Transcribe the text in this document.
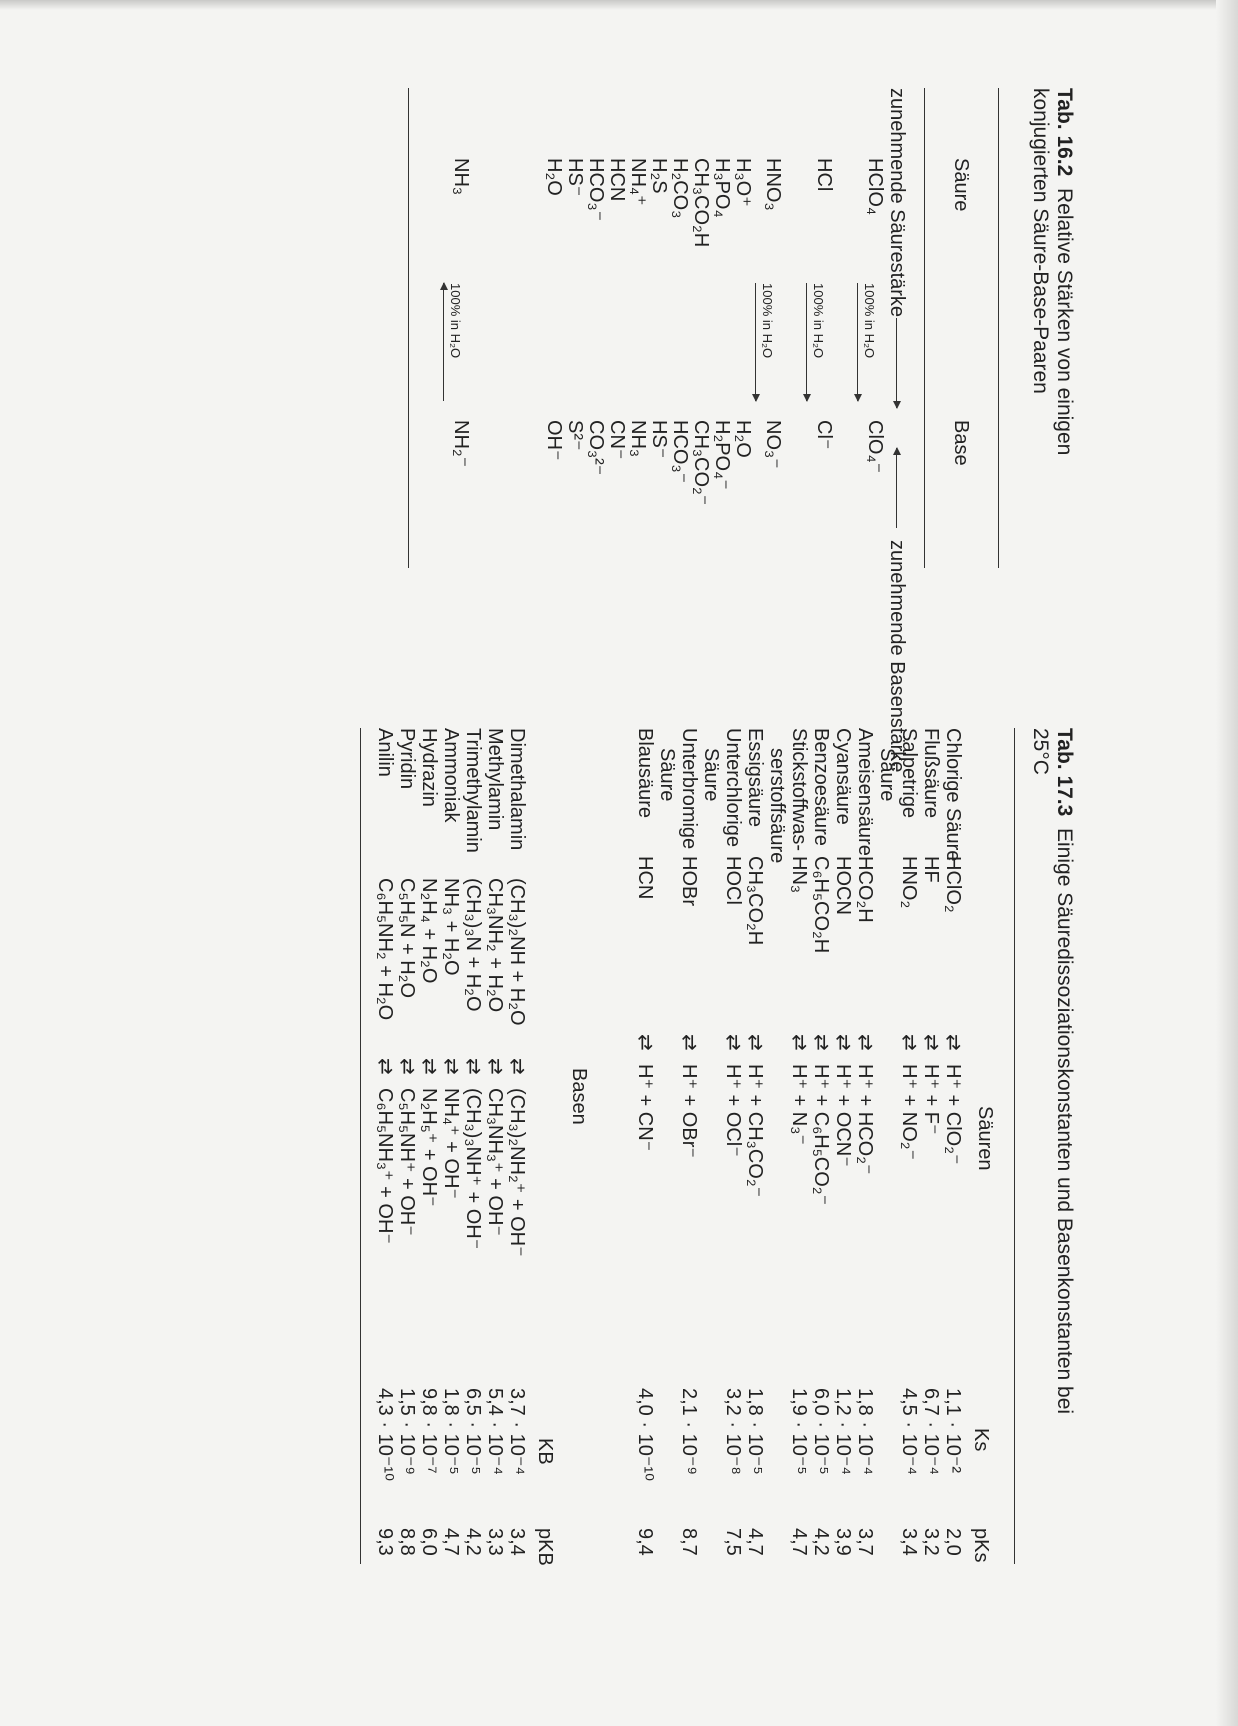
Tab. 16.2  Relative Stärken von einigen
konjugierten Säure-Base-Paaren
Säure
Base
HClO₄
ClO₄⁻
HCl
Cl⁻
HNO₃
NO₃⁻
H₃O⁺
H₂O
H₃PO₄
H₂PO₄⁻
CH₃CO₂H
CH₃CO₂⁻
H₂CO₃
HCO₃⁻
H₂S
HS⁻
NH₄⁺
NH₃
HCN
CN⁻
HCO₃⁻
CO₃²⁻
HS⁻
S²⁻
H₂O
OH⁻
NH₃
NH₂⁻
100% in H₂O
100% in H₂O
100% in H₂O
100% in H₂O
zunehmende Säurestärke
zunehmende Basenstärke	Tab. 17.3  Einige Säuredissoziationskonstanten und Basenkonstanten bei
25°C
Säuren
Ks
pKs
Chlorige Säure
HClO₂
⇄
H⁺ + ClO₂⁻
1,1 · 10⁻²
2,0
Flußsäure
HF
⇄
H⁺ + F⁻
6,7 · 10⁻⁴
3,2
Salpetrige
HNO₂
⇄
H⁺ + NO₂⁻
4,5 · 10⁻⁴
3,4
Säure
Ameisensäure
HCO₂H
⇄
H⁺ + HCO₂⁻
1,8 · 10⁻⁴
3,7
Cyansäure
HOCN
⇄
H⁺ + OCN⁻
1,2 · 10⁻⁴
3,9
Benzoesäure
C₆H₅CO₂H
⇄
H⁺ + C₆H₅CO₂⁻
6,0 · 10⁻⁵
4,2
Stickstoffwas-
HN₃
⇄
H⁺ + N₃⁻
1,9 · 10⁻⁵
4,7
serstoffsäure
Essigsäure
CH₃CO₂H
⇄
H⁺ + CH₃CO₂⁻
1,8 · 10⁻⁵
4,7
Unterchlorige
HOCl
⇄
H⁺ + OCl⁻
3,2 · 10⁻⁸
7,5
Säure
Unterbromige
HOBr
⇄
H⁺ + OBr⁻
2,1 · 10⁻⁹
8,7
Säure
Blausäure
HCN
⇄
H⁺ + CN⁻
4,0 · 10⁻¹⁰
9,4
Basen
KB
pKB
Dimethalamin
(CH₃)₂NH + H₂O
⇄
(CH₃)₂NH₂⁺ + OH⁻
3,7 · 10⁻⁴
3,4
Methylamin
CH₃NH₂ + H₂O
⇄
CH₃NH₃⁺ + OH⁻
5,4 · 10⁻⁴
3,3
Trimethylamin
(CH₃)₃N + H₂O
⇄
(CH₃)₃NH⁺ + OH⁻
6,5 · 10⁻⁵
4,2
Ammoniak
NH₃ + H₂O
⇄
NH₄⁺ + OH⁻
1,8 · 10⁻⁵
4,7
Hydrazin
N₂H₄ + H₂O
⇄
N₂H₅⁺ + OH⁻
9,8 · 10⁻⁷
6,0
Pyridin
C₅H₅N + H₂O
⇄
C₅H₅NH⁺ + OH⁻
1,5 · 10⁻⁹
8,8
Anilin
C₆H₅NH₂ + H₂O
⇄
C₆H₅NH₃⁺ + OH⁻
4,3 · 10⁻¹⁰
9,3
